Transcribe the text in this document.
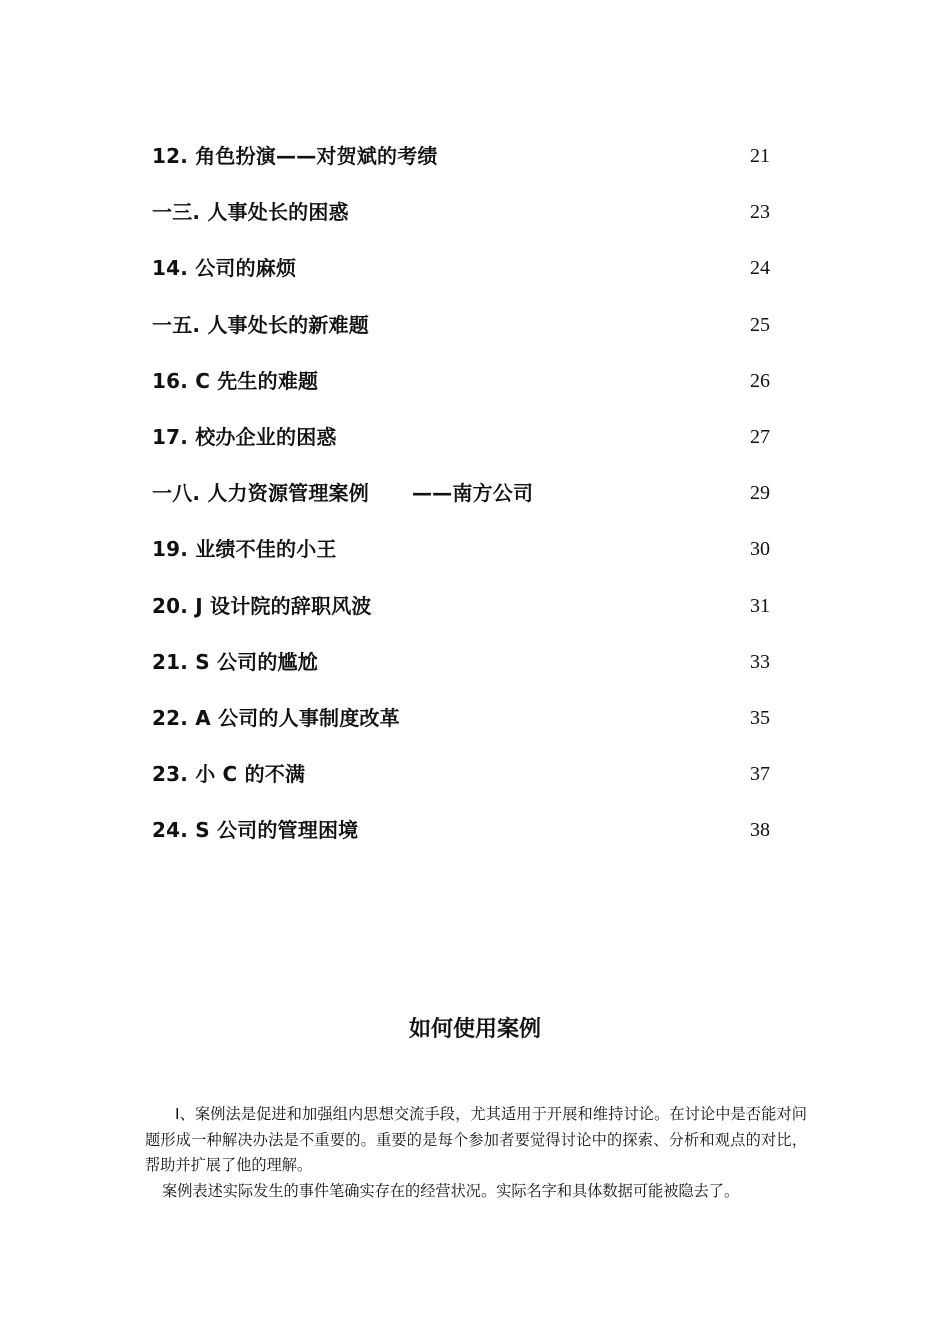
12. 角色扮演——对贺斌的考绩	21
一三. 人事处长的困惑	23
14. 公司的麻烦	24
一五. 人事处长的新难题	25
16. C 先生的难题	26
17. 校办企业的困惑	27
一八. 人力资源管理案例      ——南方公司	29
19. 业绩不佳的小王	30
20. J 设计院的辞职风波	31
21. S 公司的尴尬	33
22. A 公司的人事制度改革	35
23. 小 C 的不满	37
24. S 公司的管理困境	38
如何使用案例

I、案例法是促进和加强组内思想交流手段，尤其适用于开展和维持讨论。在讨论中是否能对问题形成一种解决办法是不重要的。重要的是每个参加者要觉得讨论中的探索、分析和观点的对比，帮助并扩展了他的理解。

案例表述实际发生的事件笔确实存在的经营状况。实际名字和具体数据可能被隐去了。
